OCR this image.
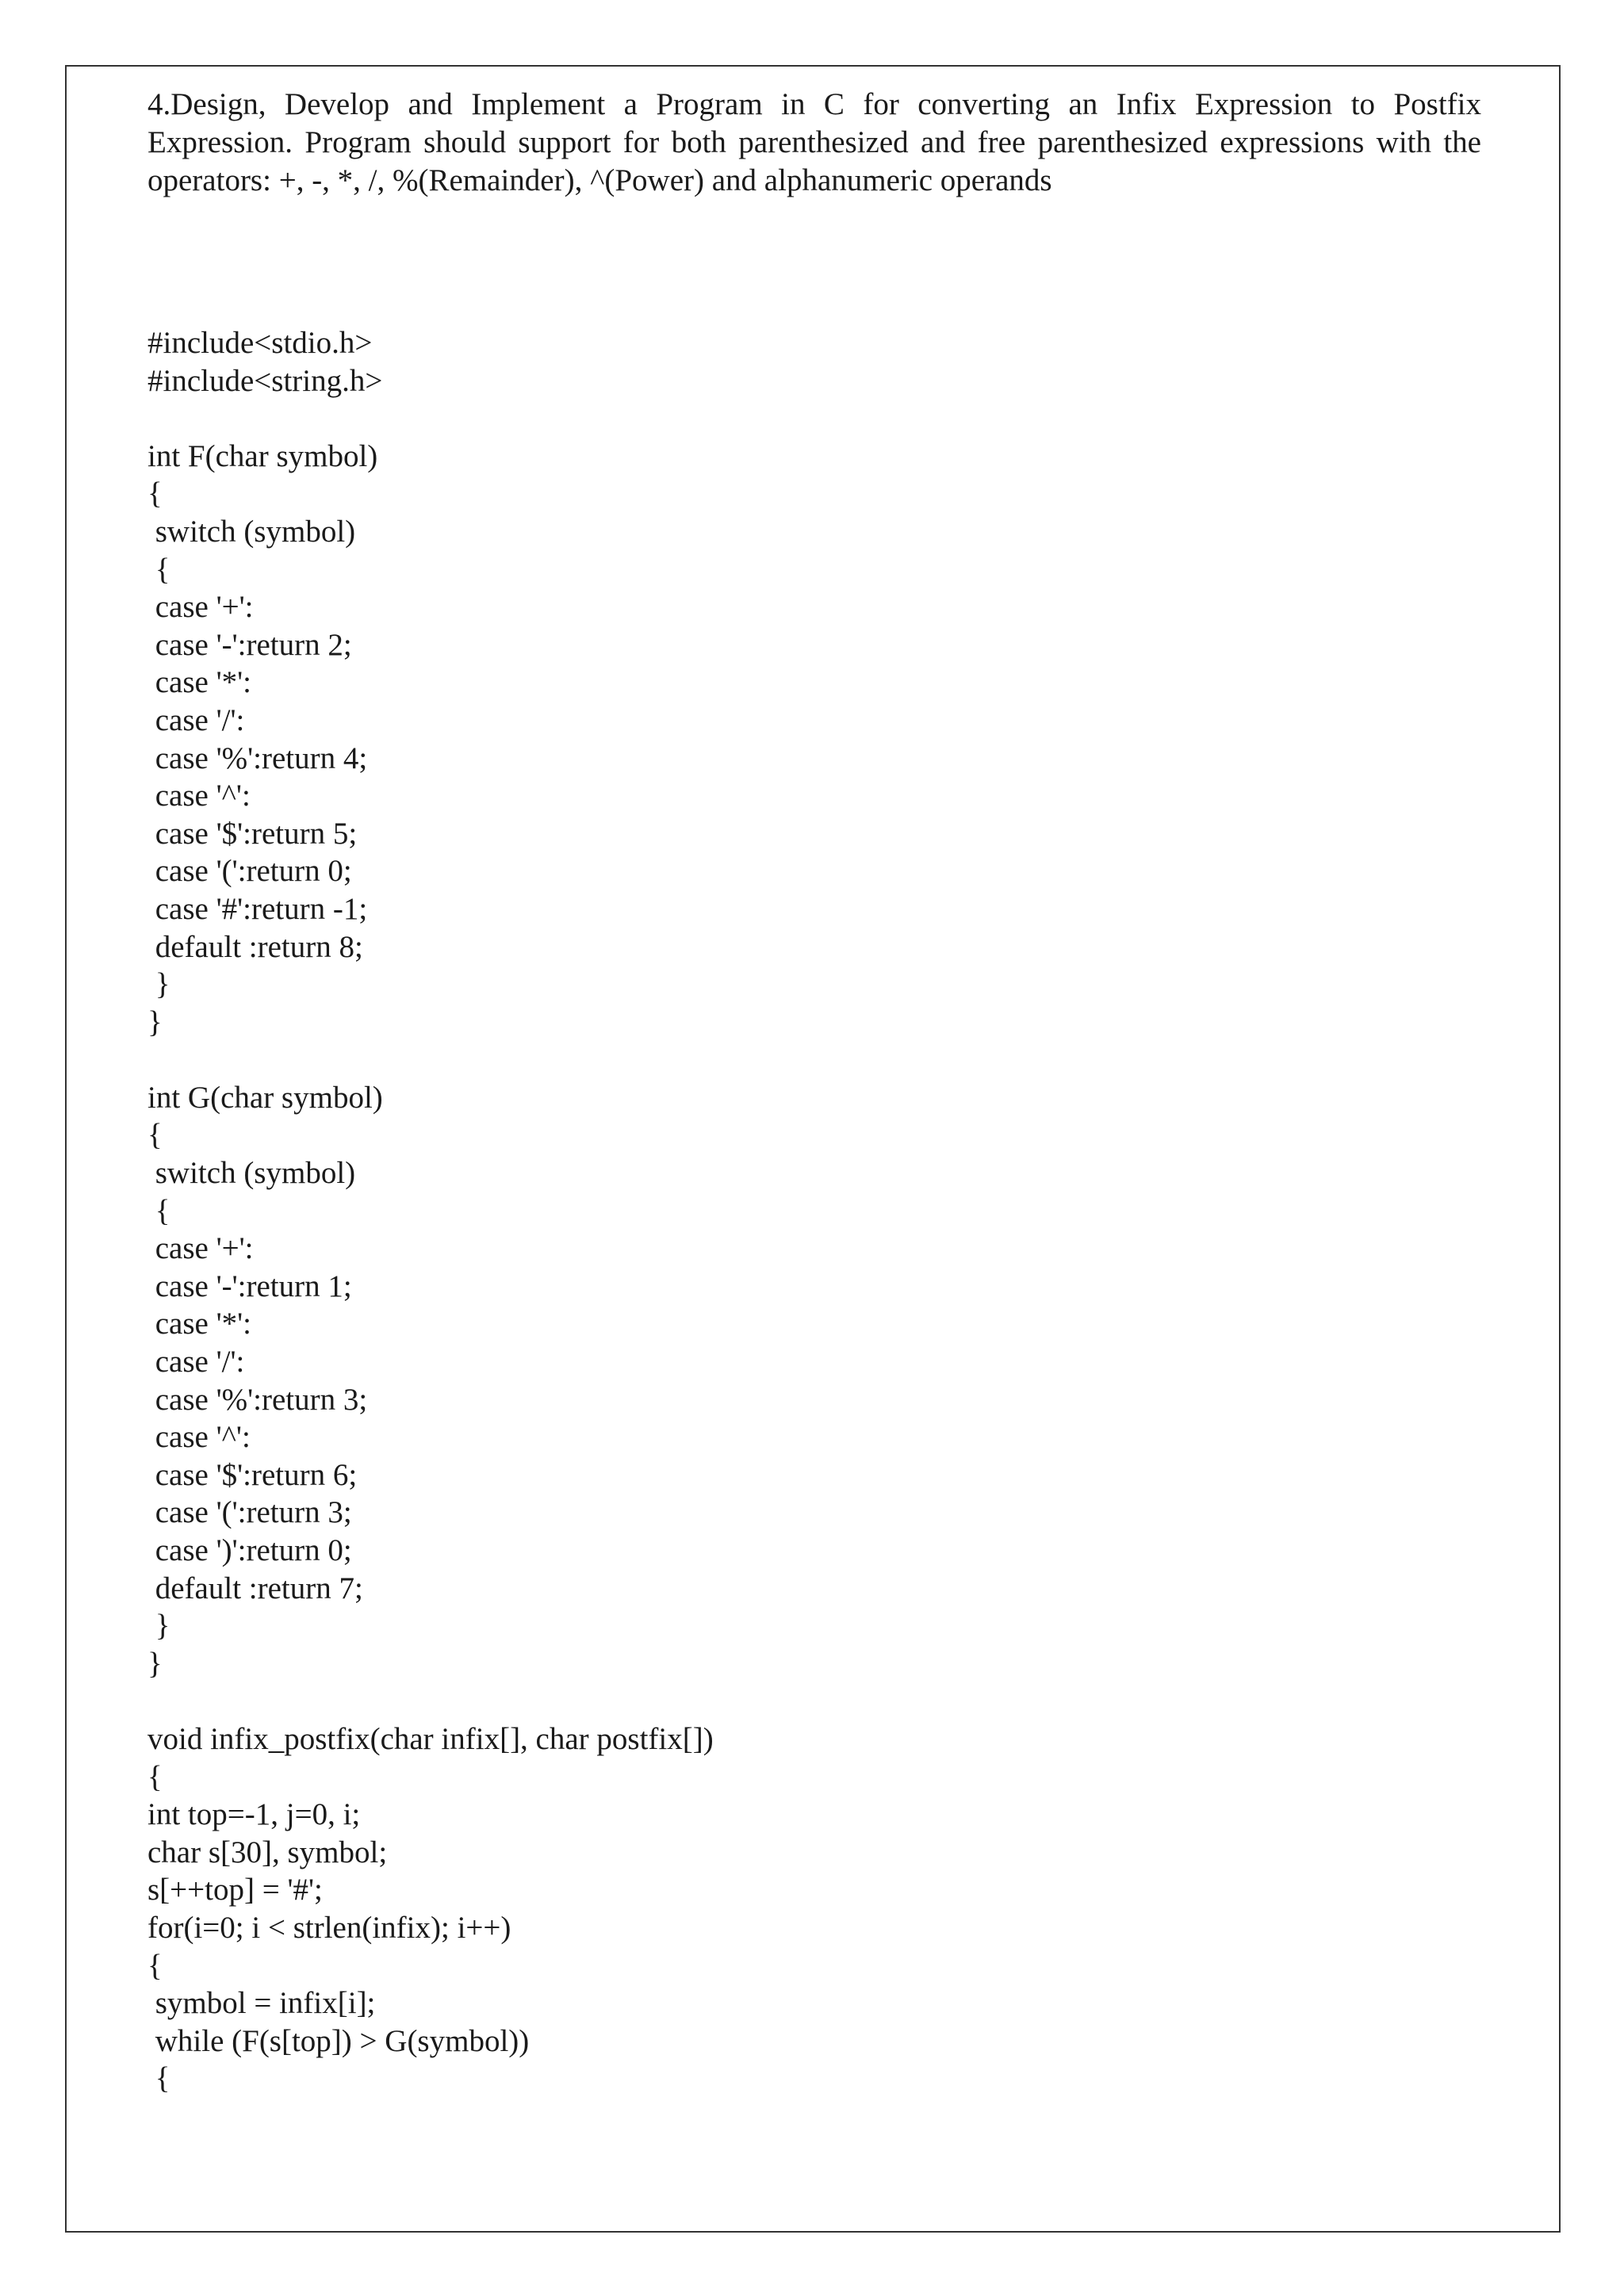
4.Design, Develop and Implement a Program in C for converting an Infix Expression to Postfix Expression. Program should support for both parenthesized and free parenthesized expressions with the operators: +, -, *, /, %(Remainder), ^(Power) and alphanumeric operands

#include<stdio.h>
#include<string.h>
int F(char symbol)
{
switch (symbol)
{
case '+':
case '-':return 2;
case '*':
case '/':
case '%':return 4;
case '^':
case '$':return 5;
case '(':return 0;
case '#':return -1;
default :return 8;
}
}
int G(char symbol)
{
switch (symbol)
{
case '+':
case '-':return 1;
case '*':
case '/':
case '%':return 3;
case '^':
case '$':return 6;
case '(':return 3;
case ')':return 0;
default :return 7;
}
}
void infix_postfix(char infix[], char postfix[])
{
int top=-1, j=0, i;
char s[30], symbol;
s[++top] = '#';
for(i=0; i < strlen(infix); i++)
{
symbol = infix[i];
while (F(s[top]) > G(symbol))
{
